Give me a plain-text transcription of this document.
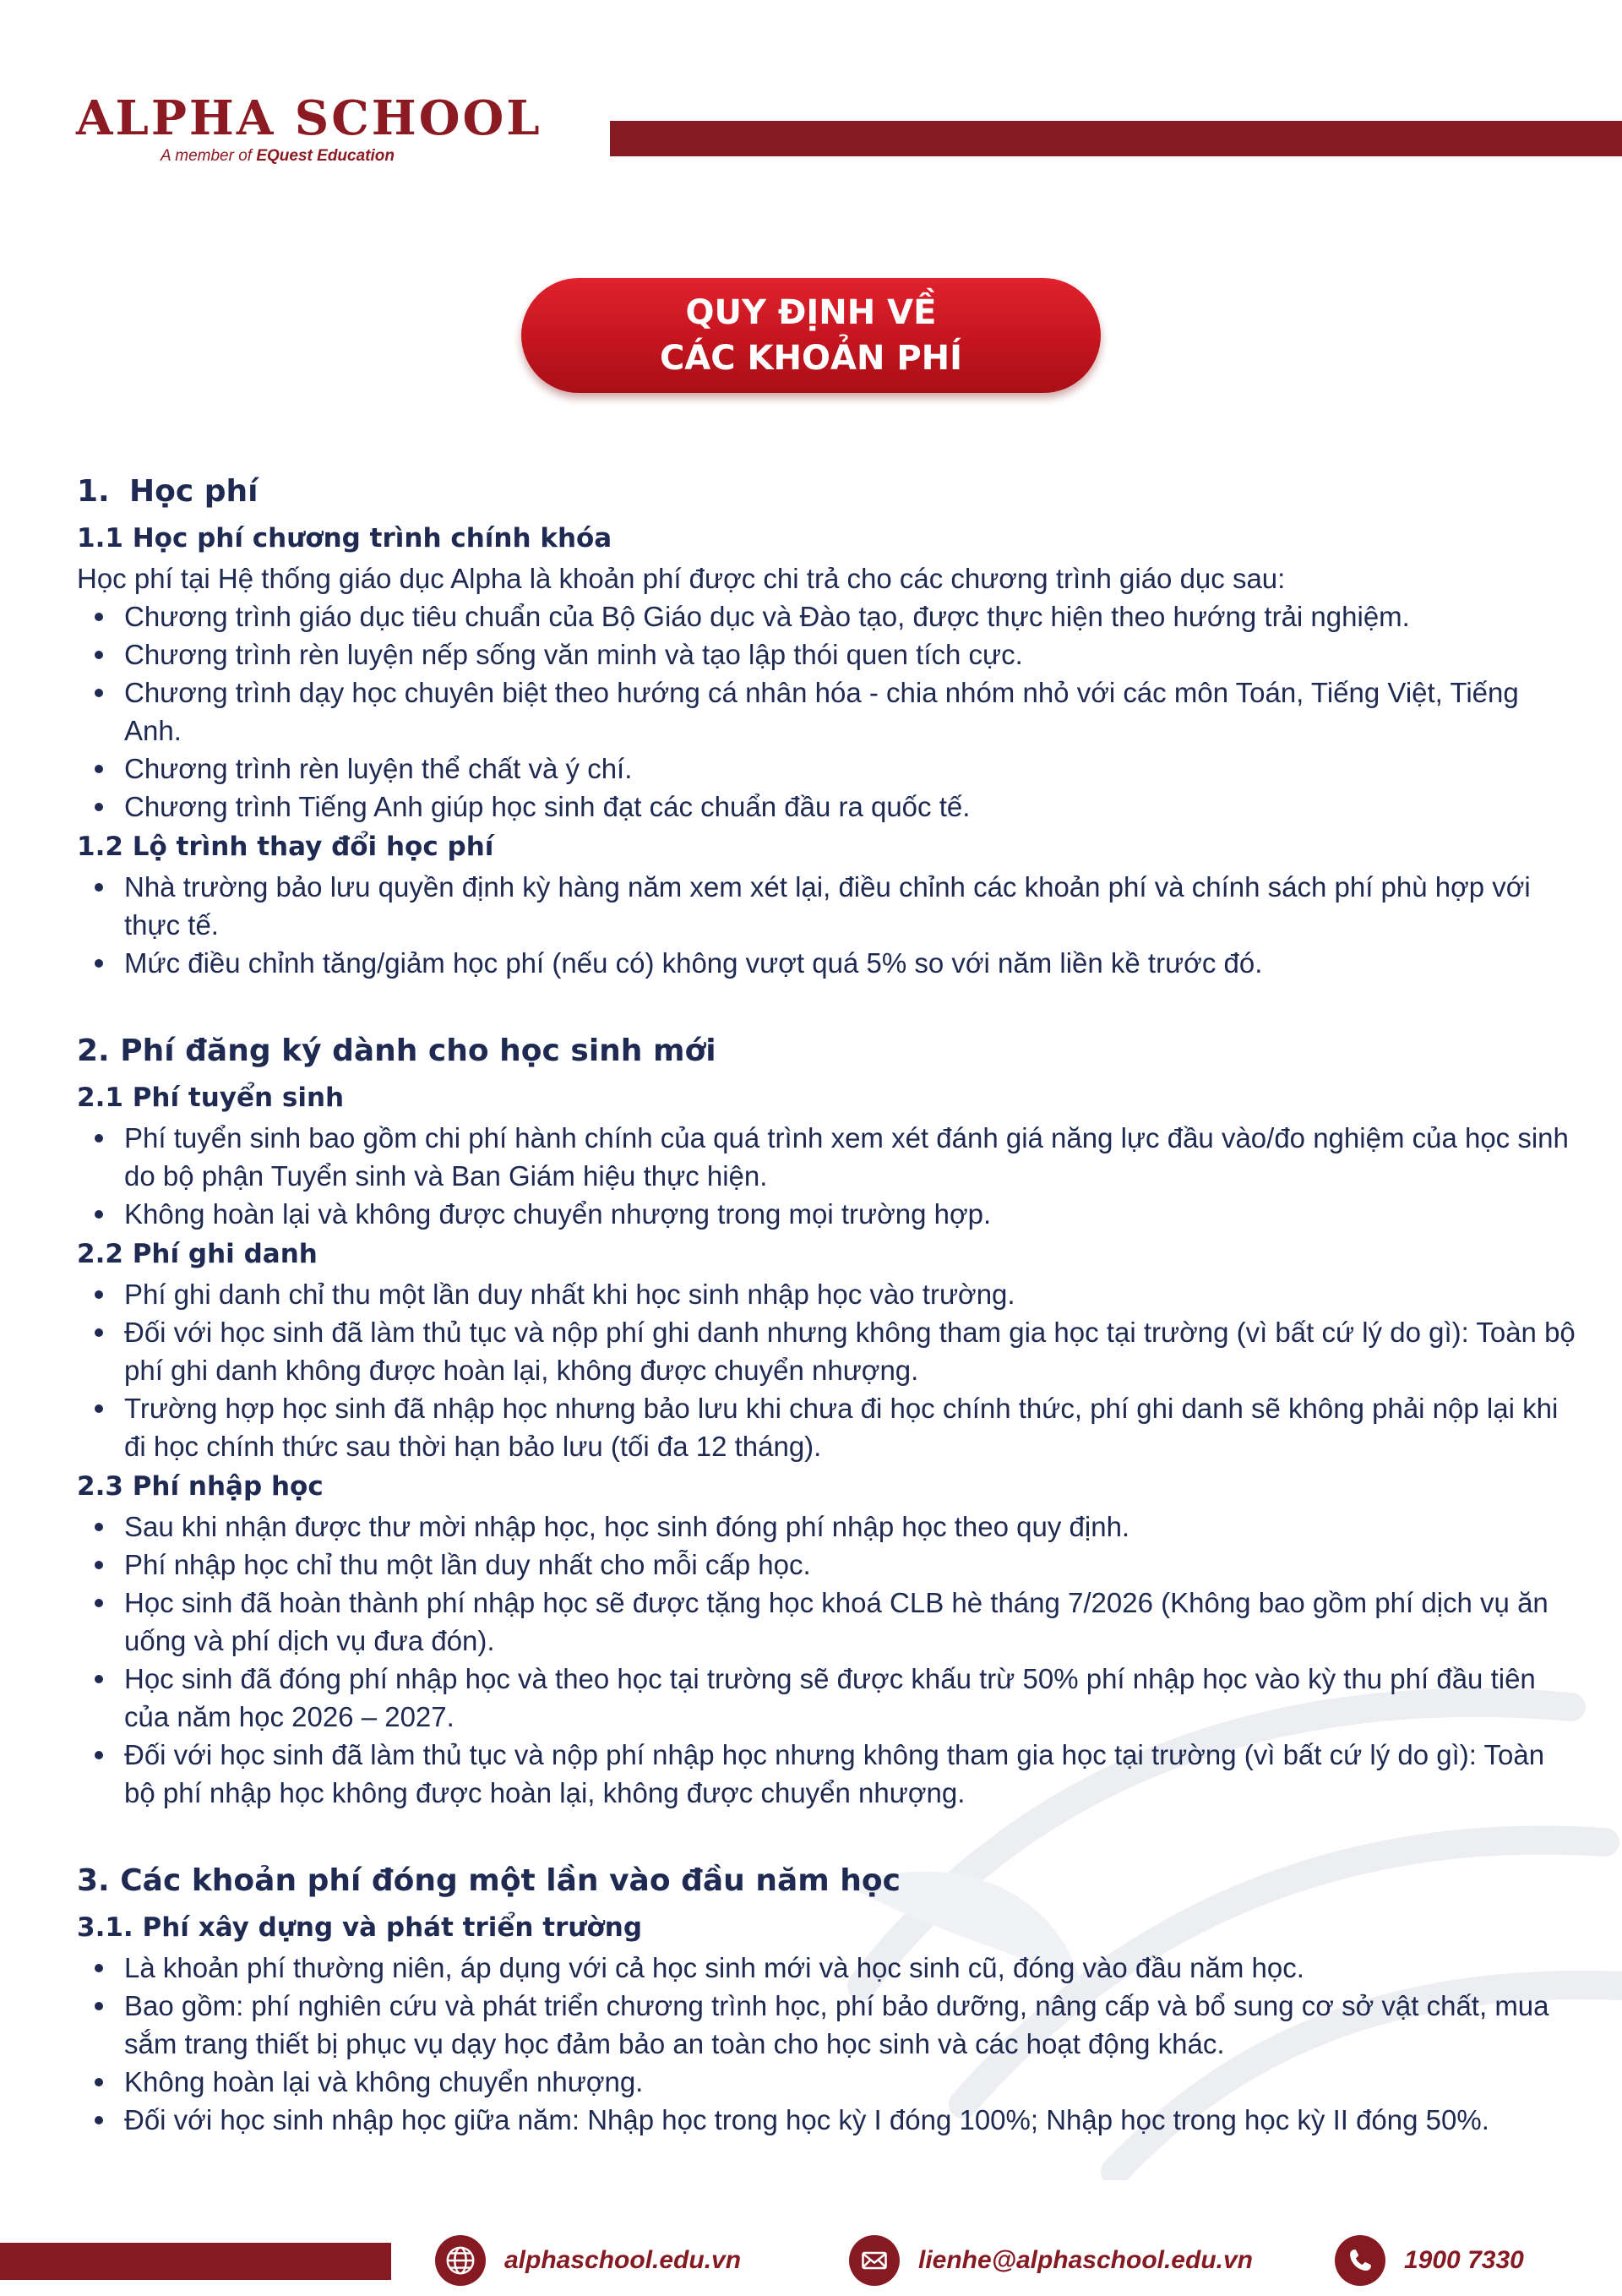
ALPHA SCHOOL
A member of EQuest Education
QUY ĐỊNH VỀ
CÁC KHOẢN PHÍ
1. Học phí
1.1 Học phí chương trình chính khóa

Học phí tại Hệ thống giáo dục Alpha là khoản phí được chi trả cho các chương trình giáo dục sau:

Chương trình giáo dục tiêu chuẩn của Bộ Giáo dục và Đào tạo, được thực hiện theo hướng trải nghiệm.
Chương trình rèn luyện nếp sống văn minh và tạo lập thói quen tích cực.
Chương trình dạy học chuyên biệt theo hướng cá nhân hóa - chia nhóm nhỏ với các môn Toán, Tiếng Việt, Tiếng Anh.
Chương trình rèn luyện thể chất và ý chí.
Chương trình Tiếng Anh giúp học sinh đạt các chuẩn đầu ra quốc tế.
1.2 Lộ trình thay đổi học phí
Nhà trường bảo lưu quyền định kỳ hàng năm xem xét lại, điều chỉnh các khoản phí và chính sách phí phù hợp với thực tế.
Mức điều chỉnh tăng/giảm học phí (nếu có) không vượt quá 5% so với năm liền kề trước đó.
2. Phí đăng ký dành cho học sinh mới
2.1 Phí tuyển sinh
Phí tuyển sinh bao gồm chi phí hành chính của quá trình xem xét đánh giá năng lực đầu vào/đo nghiệm của học sinh do bộ phận Tuyển sinh và Ban Giám hiệu thực hiện.
Không hoàn lại và không được chuyển nhượng trong mọi trường hợp.
2.2 Phí ghi danh
Phí ghi danh chỉ thu một lần duy nhất khi học sinh nhập học vào trường.
Đối với học sinh đã làm thủ tục và nộp phí ghi danh nhưng không tham gia học tại trường (vì bất cứ lý do gì): Toàn bộ phí ghi danh không được hoàn lại, không được chuyển nhượng.
Trường hợp học sinh đã nhập học nhưng bảo lưu khi chưa đi học chính thức, phí ghi danh sẽ không phải nộp lại khi đi học chính thức sau thời hạn bảo lưu (tối đa 12 tháng).
2.3 Phí nhập học
Sau khi nhận được thư mời nhập học, học sinh đóng phí nhập học theo quy định.
Phí nhập học chỉ thu một lần duy nhất cho mỗi cấp học.
Học sinh đã hoàn thành phí nhập học sẽ được tặng học khoá CLB hè tháng 7/2026 (Không bao gồm phí dịch vụ ăn uống và phí dịch vụ đưa đón).
Học sinh đã đóng phí nhập học và theo học tại trường sẽ được khấu trừ 50% phí nhập học vào kỳ thu phí đầu tiên của năm học 2026 – 2027.
Đối với học sinh đã làm thủ tục và nộp phí nhập học nhưng không tham gia học tại trường (vì bất cứ lý do gì): Toàn bộ phí nhập học không được hoàn lại, không được chuyển nhượng.
3. Các khoản phí đóng một lần vào đầu năm học
3.1. Phí xây dựng và phát triển trường
Là khoản phí thường niên, áp dụng với cả học sinh mới và học sinh cũ, đóng vào đầu năm học.
Bao gồm: phí nghiên cứu và phát triển chương trình học, phí bảo dưỡng, nâng cấp và bổ sung cơ sở vật chất, mua sắm trang thiết bị phục vụ dạy học đảm bảo an toàn cho học sinh và các hoạt động khác.
Không hoàn lại và không chuyển nhượng.
Đối với học sinh nhập học giữa năm: Nhập học trong học kỳ I đóng 100%; Nhập học trong học kỳ II đóng 50%.
alphaschool.edu.vn	lienhe@alphaschool.edu.vn	1900 7330
